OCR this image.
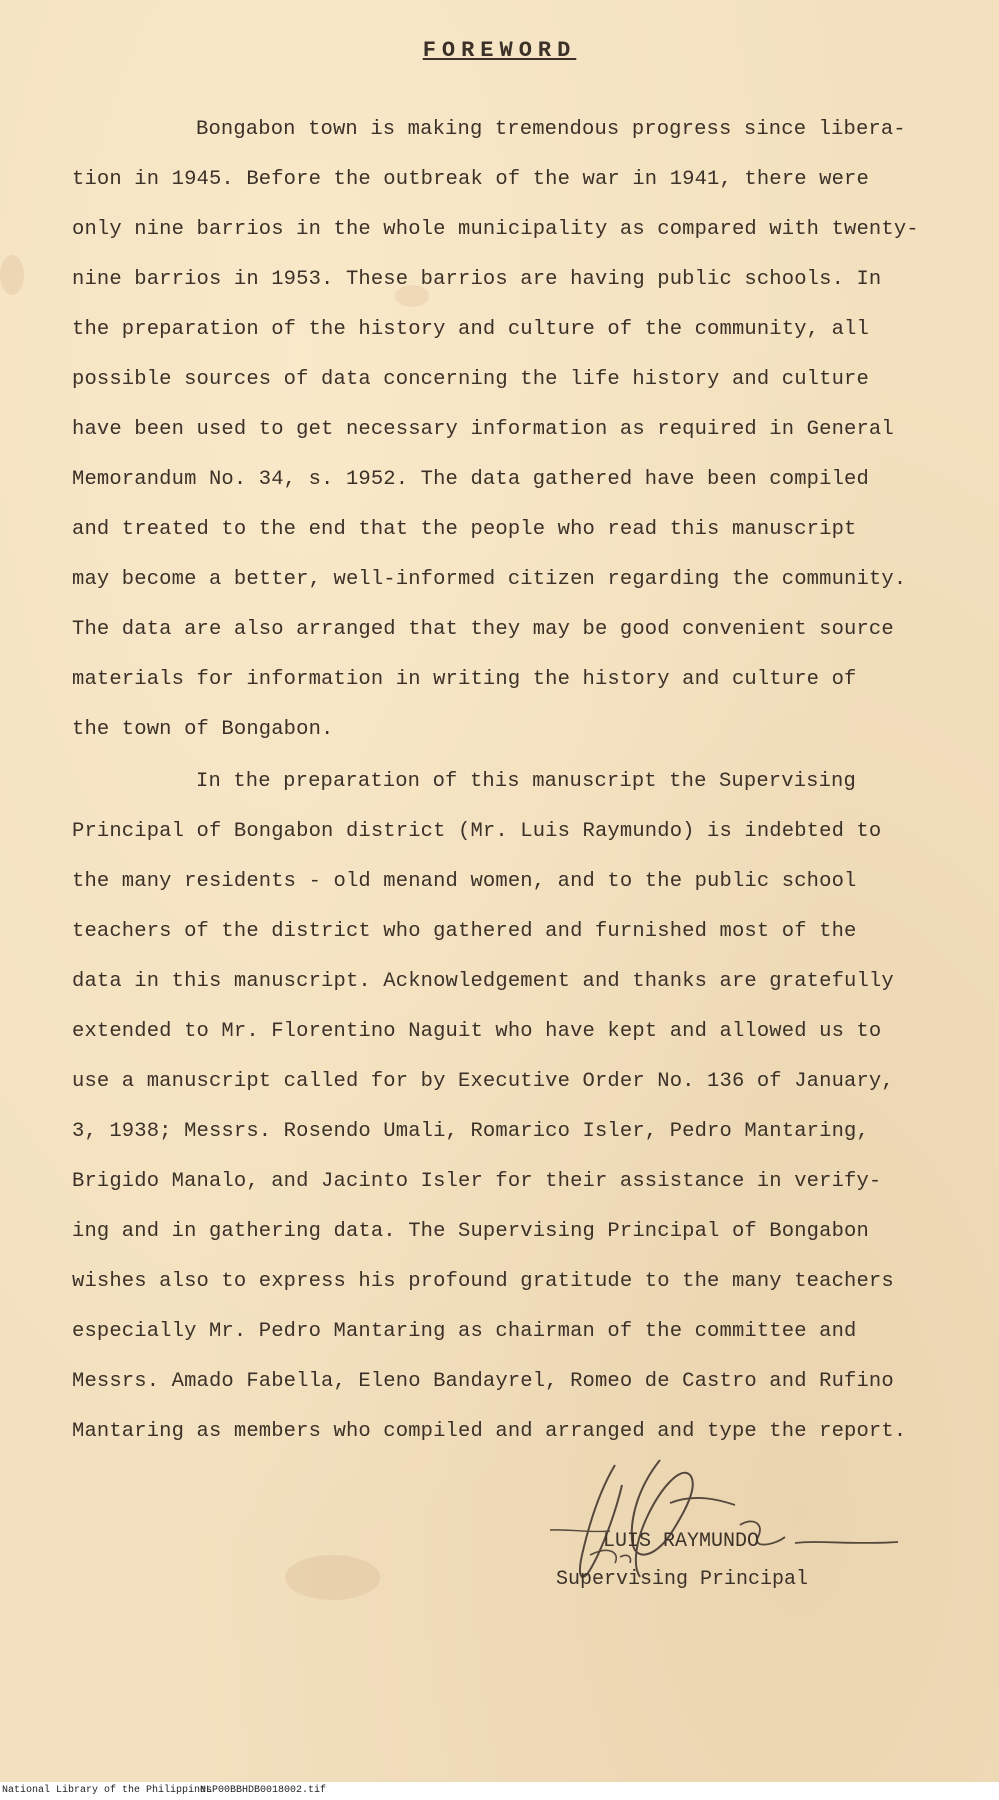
FOREWORD
Bongabon town is making tremendous progress since libera-
tion in 1945. Before the outbreak of the war in 1941, there were
only nine barrios in the whole municipality as compared with twenty-
nine barrios in 1953. These barrios are having public schools. In
the preparation of the history and culture of the community, all
possible sources of data concerning the life history and culture
have been used to get necessary information as required in General
Memorandum No. 34, s. 1952. The data gathered have been compiled
and treated to the end that the people who read this manuscript
may become a better, well-informed citizen regarding the community.
The data are also arranged that they may be good convenient source
materials for information in writing the history and culture of
the town of Bongabon.
In the preparation of this manuscript the Supervising
Principal of Bongabon district (Mr. Luis Raymundo) is indebted to
the many residents - old menand women, and to the public school
teachers of the district who gathered and furnished most of the
data in this manuscript. Acknowledgement and thanks are gratefully
extended to Mr. Florentino Naguit who have kept and allowed us to
use a manuscript called for by Executive Order No. 136 of January,
3, 1938; Messrs. Rosendo Umali, Romarico Isler, Pedro Mantaring,
Brigido Manalo, and Jacinto Isler for their assistance in verify-
ing and in gathering data. The Supervising Principal of Bongabon
wishes also to express his profound gratitude to the many teachers
especially Mr. Pedro Mantaring as chairman of the committee and
Messrs. Amado Fabella, Eleno Bandayrel, Romeo de Castro and Rufino
Mantaring as members who compiled and arranged and type the report.
LUIS RAYMUNDO
Supervising Principal
National Library of the Philippines
NLP00BBHDB0018002.tif
